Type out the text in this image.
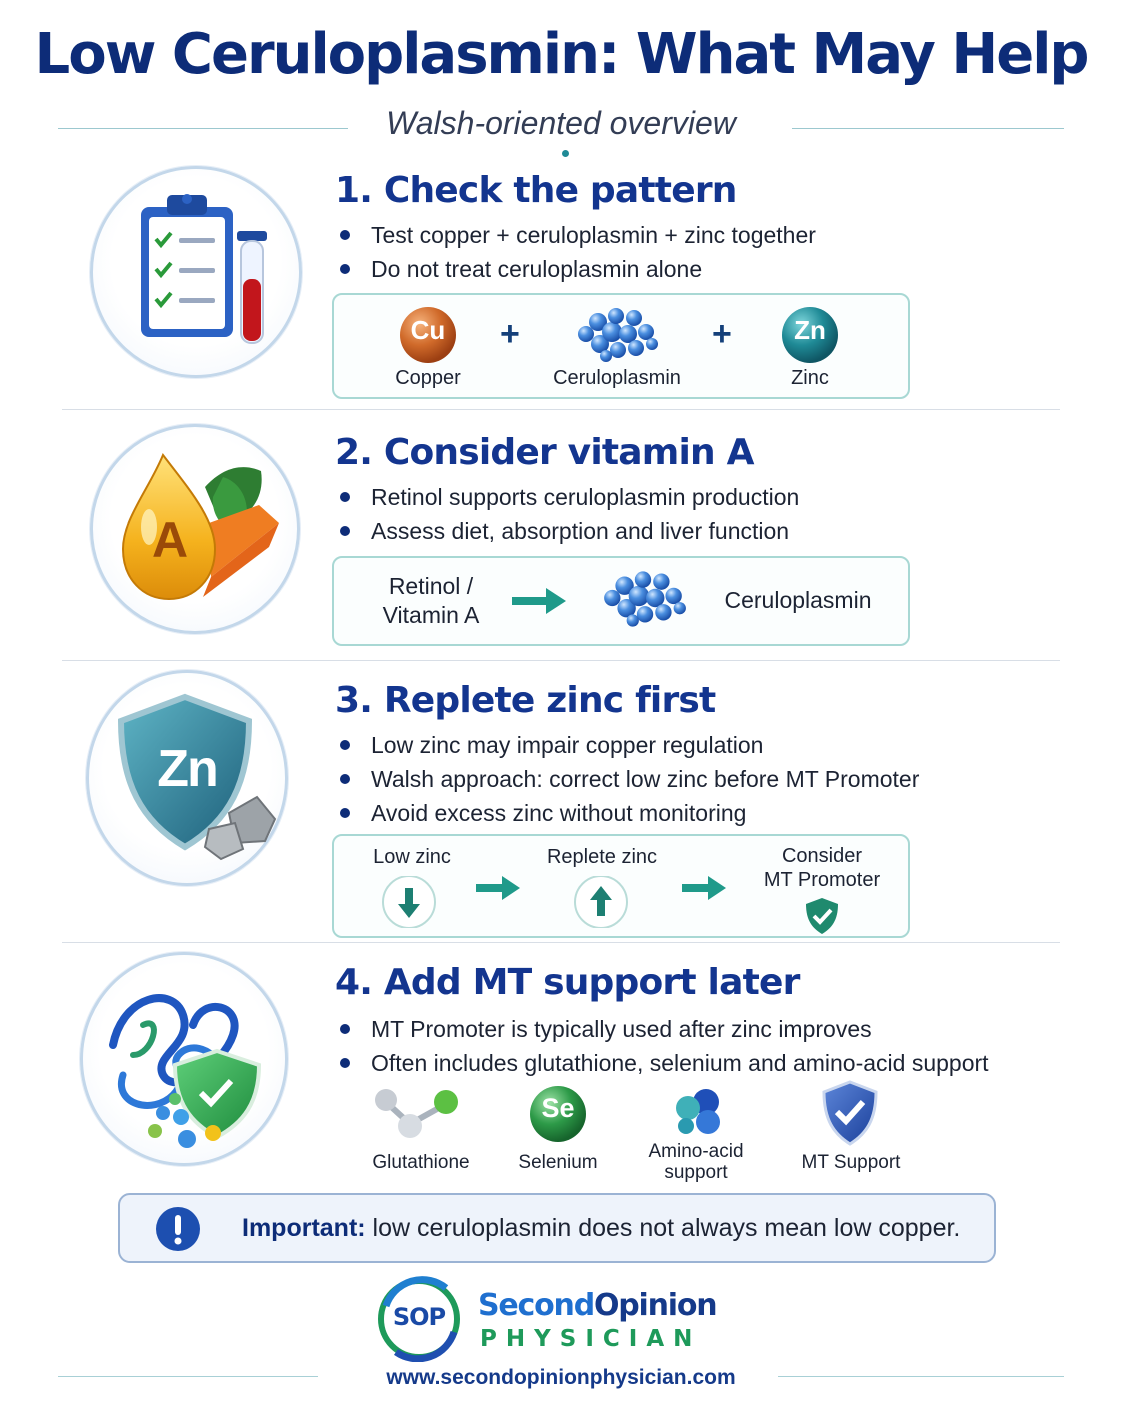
Low Ceruloplasmin: What May Help
Walsh-oriented overview
1. Check the pattern
Test copper + ceruloplasmin + zinc together
Do not treat ceruloplasmin alone
Cu
Copper
+
Ceruloplasmin
+	Zn
Zinc
A
2. Consider vitamin A
Retinol supports ceruloplasmin production
Assess diet, absorption and liver function
Retinol /
Vitamin A
Ceruloplasmin
Zn
3. Replete zinc first
Low zinc may impair copper regulation
Walsh approach: correct low zinc before MT Promoter
Avoid excess zinc without monitoring
Low zinc	Replete zinc	Consider
MT Promoter
4. Add MT support later
MT Promoter is typically used after zinc improves
Often includes glutathione, selenium and amino-acid support
Glutathione
Se
Selenium
Amino-acid
support	MT Support
Important: low ceruloplasmin does not always mean low copper.
SOP	SecondOpinion
PHYSICIAN
www.secondopinionphysician.com
